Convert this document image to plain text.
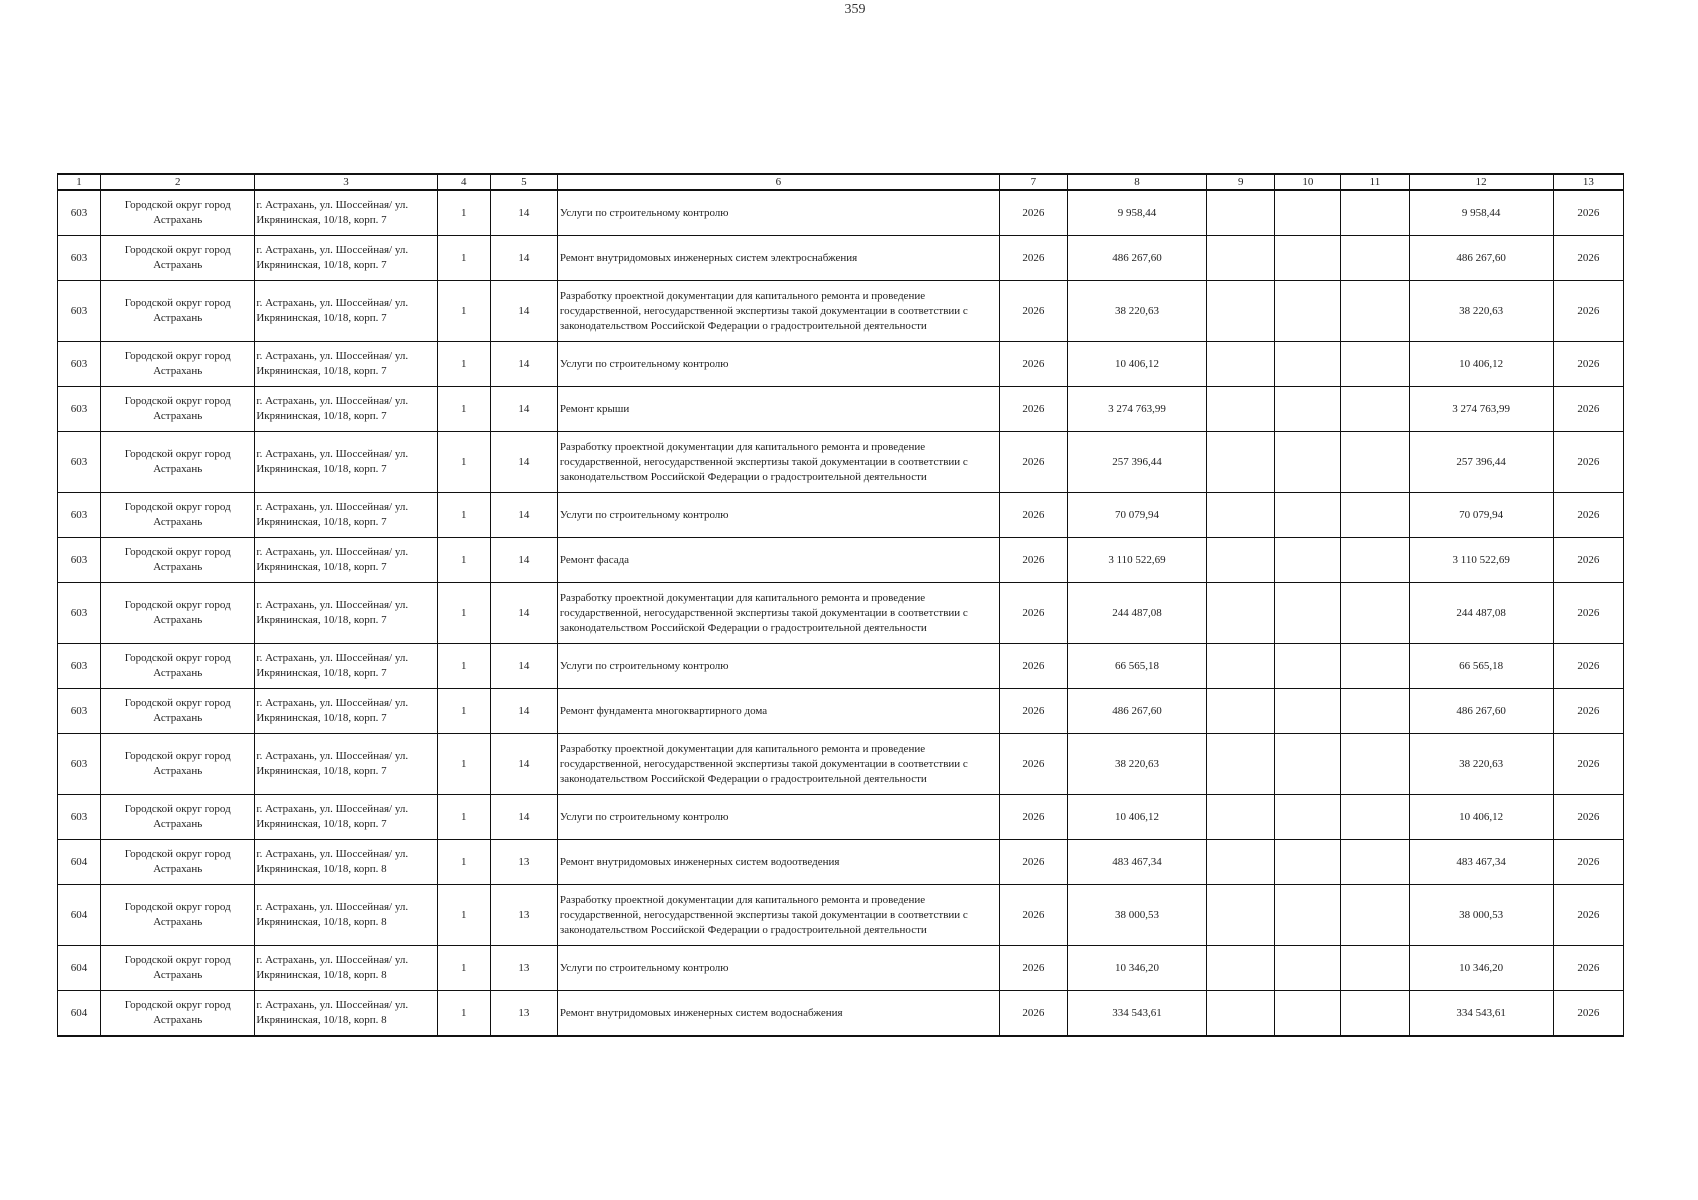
359
1	2	3	4	5	6	7	8	9	10	11	12	13
603	Городской округ город Астрахань	г. Астрахань, ул. Шоссейная/ ул. Икрянинская, 10/18, корп. 7	1	14	Услуги по строительному контролю	2026	9 958,44				9 958,44	2026
603	Городской округ город Астрахань	г. Астрахань, ул. Шоссейная/ ул. Икрянинская, 10/18, корп. 7	1	14	Ремонт внутридомовых инженерных систем электроснабжения	2026	486 267,60				486 267,60	2026
603	Городской округ город Астрахань	г. Астрахань, ул. Шоссейная/ ул. Икрянинская, 10/18, корп. 7	1	14	Разработку проектной документации для капитального ремонта и проведение государственной, негосударственной экспертизы такой документации в соответствии с законодательством Российской Федерации о градостроительной деятельности	2026	38 220,63				38 220,63	2026
603	Городской округ город Астрахань	г. Астрахань, ул. Шоссейная/ ул. Икрянинская, 10/18, корп. 7	1	14	Услуги по строительному контролю	2026	10 406,12				10 406,12	2026
603	Городской округ город Астрахань	г. Астрахань, ул. Шоссейная/ ул. Икрянинская, 10/18, корп. 7	1	14	Ремонт крыши	2026	3 274 763,99				3 274 763,99	2026
603	Городской округ город Астрахань	г. Астрахань, ул. Шоссейная/ ул. Икрянинская, 10/18, корп. 7	1	14	Разработку проектной документации для капитального ремонта и проведение государственной, негосударственной экспертизы такой документации в соответствии с законодательством Российской Федерации о градостроительной деятельности	2026	257 396,44				257 396,44	2026
603	Городской округ город Астрахань	г. Астрахань, ул. Шоссейная/ ул. Икрянинская, 10/18, корп. 7	1	14	Услуги по строительному контролю	2026	70 079,94				70 079,94	2026
603	Городской округ город Астрахань	г. Астрахань, ул. Шоссейная/ ул. Икрянинская, 10/18, корп. 7	1	14	Ремонт фасада	2026	3 110 522,69				3 110 522,69	2026
603	Городской округ город Астрахань	г. Астрахань, ул. Шоссейная/ ул. Икрянинская, 10/18, корп. 7	1	14	Разработку проектной документации для капитального ремонта и проведение государственной, негосударственной экспертизы такой документации в соответствии с законодательством Российской Федерации о градостроительной деятельности	2026	244 487,08				244 487,08	2026
603	Городской округ город Астрахань	г. Астрахань, ул. Шоссейная/ ул. Икрянинская, 10/18, корп. 7	1	14	Услуги по строительному контролю	2026	66 565,18				66 565,18	2026
603	Городской округ город Астрахань	г. Астрахань, ул. Шоссейная/ ул. Икрянинская, 10/18, корп. 7	1	14	Ремонт фундамента многоквартирного дома	2026	486 267,60				486 267,60	2026
603	Городской округ город Астрахань	г. Астрахань, ул. Шоссейная/ ул. Икрянинская, 10/18, корп. 7	1	14	Разработку проектной документации для капитального ремонта и проведение государственной, негосударственной экспертизы такой документации в соответствии с законодательством Российской Федерации о градостроительной деятельности	2026	38 220,63				38 220,63	2026
603	Городской округ город Астрахань	г. Астрахань, ул. Шоссейная/ ул. Икрянинская, 10/18, корп. 7	1	14	Услуги по строительному контролю	2026	10 406,12				10 406,12	2026
604	Городской округ город Астрахань	г. Астрахань, ул. Шоссейная/ ул. Икрянинская, 10/18, корп. 8	1	13	Ремонт внутридомовых инженерных систем водоотведения	2026	483 467,34				483 467,34	2026
604	Городской округ город Астрахань	г. Астрахань, ул. Шоссейная/ ул. Икрянинская, 10/18, корп. 8	1	13	Разработку проектной документации для капитального ремонта и проведение государственной, негосударственной экспертизы такой документации в соответствии с законодательством Российской Федерации о градостроительной деятельности	2026	38 000,53				38 000,53	2026
604	Городской округ город Астрахань	г. Астрахань, ул. Шоссейная/ ул. Икрянинская, 10/18, корп. 8	1	13	Услуги по строительному контролю	2026	10 346,20				10 346,20	2026
604	Городской округ город Астрахань	г. Астрахань, ул. Шоссейная/ ул. Икрянинская, 10/18, корп. 8	1	13	Ремонт внутридомовых инженерных систем водоснабжения	2026	334 543,61				334 543,61	2026
